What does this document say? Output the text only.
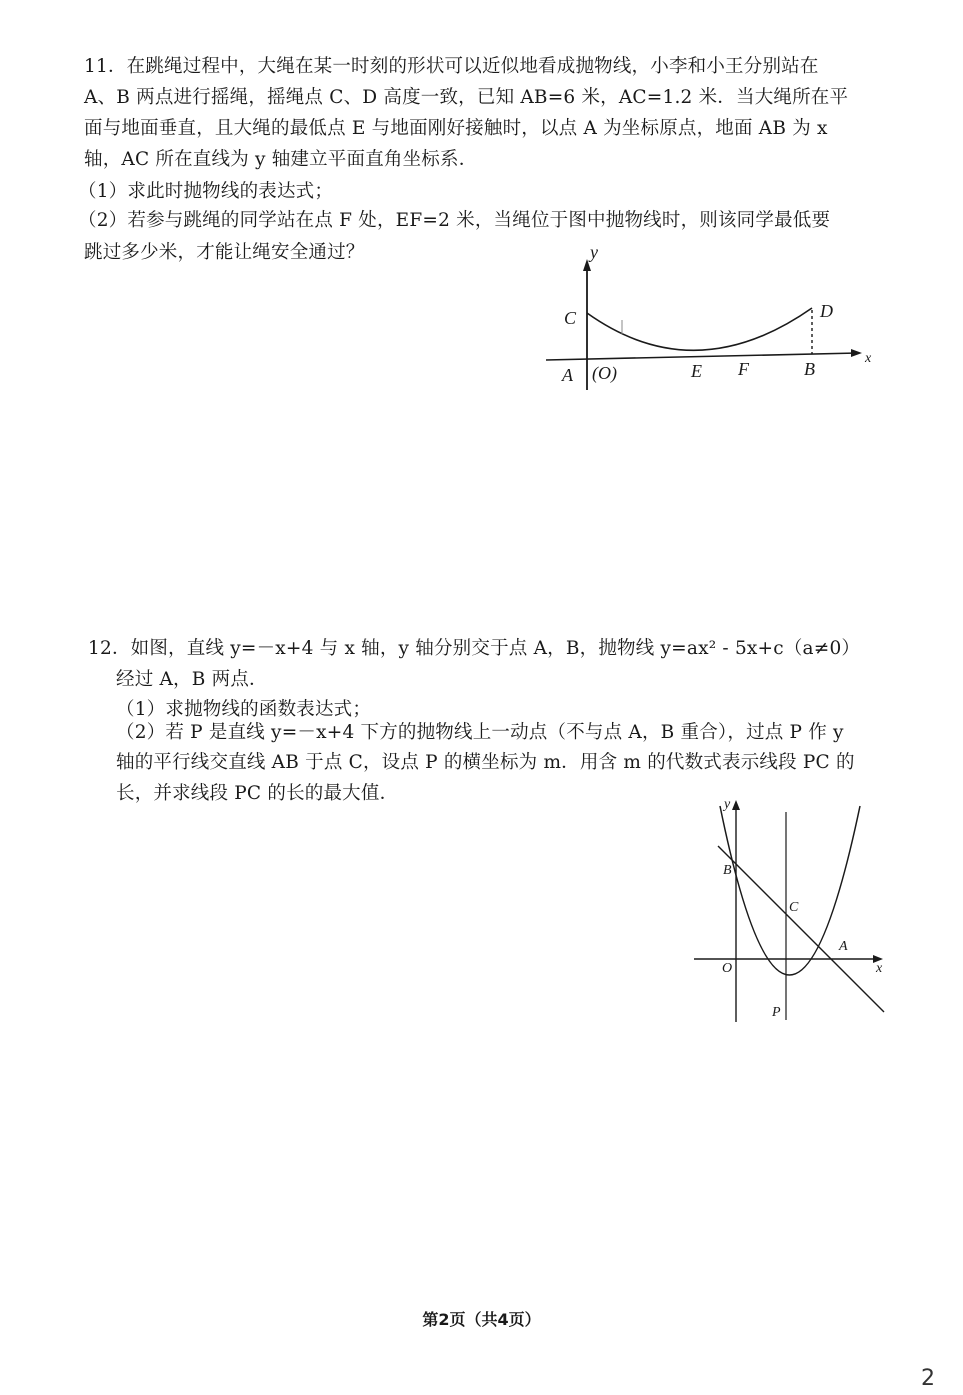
11．在跳绳过程中，大绳在某一时刻的形状可以近似地看成抛物线，小李和小王分别站在
A、B 两点进行摇绳，摇绳点 C、D 高度一致，已知 AB=6 米，AC=1.2 米．当大绳所在平
面与地面垂直，且大绳的最低点 E 与地面刚好接触时，以点 A 为坐标原点，地面 AB 为 x
轴，AC 所在直线为 y 轴建立平面直角坐标系．
（1）求此时抛物线的表达式；
（2）若参与跳绳的同学站在点 F 处，EF=2 米，当绳位于图中抛物线时，则该同学最低要
跳过多少米，才能让绳安全通过？	y
x
C	D
A (O)	E F	B
12．如图，直线 y=－x+4 与 x 轴，y 轴分别交于点 A，B，抛物线 y=ax² - 5x+c（a≠0）
经过 A，B 两点．
（1）求抛物线的函数表达式；
（2）若 P 是直线 y=－x+4 下方的抛物线上一动点（不与点 A，B 重合），过点 P 作 y
轴的平行线交直线 AB 于点 C，设点 P 的横坐标为 m．用含 m 的代数式表示线段 PC 的
长，并求线段 PC 的长的最大值．
y
x
B
C
A
O
P
第2页（共4页）
2
